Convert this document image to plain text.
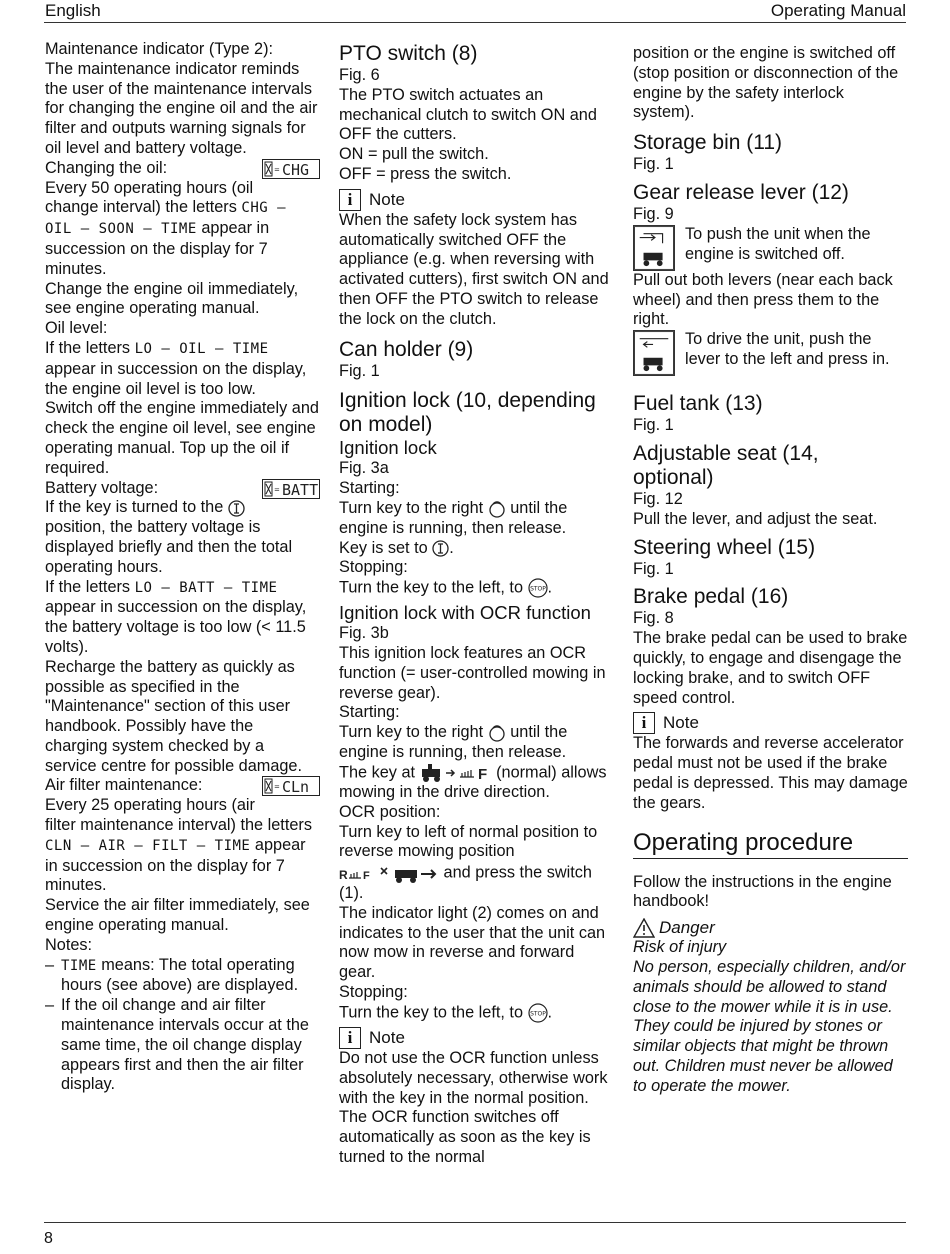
English	Operating Manual

Maintenance indicator (Type 2):

The maintenance indicator reminds the user of the maintenance intervals for changing the engine oil and the air filter and outputs warning signals for oil level and battery voltage.

= CHG

Changing the oil:

Every 50 operating hours (oil change interval) the letters CHG – OIL – SOON – TIME appear in succession on the display for 7 minutes.

Change the engine oil immediately, see engine operating manual.

Oil level:

If the letters LO – OIL – TIME appear in succession on the display, the engine oil level is too low.

Switch off the engine immediately and check the engine oil level, see engine operating manual. Top up the oil if required.

= BATT

Battery voltage:

If the key is turned to the  position, the battery voltage is displayed briefly and then the total operating hours.

If the letters LO – BATT – TIME appear in succession on the display, the battery voltage is too low (< 11.5 volts).

Recharge the battery as quickly as possible as specified in the "Maintenance" section of this user handbook. Possibly have the charging system checked by a service centre for possible damage.

= CLn

Air filter maintenance:

Every 25 operating hours (air filter maintenance interval) the letters CLN – AIR – FILT – TIME appear in succession on the display for 7 minutes.

Service the air filter immediately, see engine operating manual.

Notes:

– TIME means: The total operating hours (see above) are displayed.
– If the oil change and air filter maintenance intervals occur at the same time, the oil change display appears first and then the air filter display.

PTO switch (8)

Fig. 6

The PTO switch actuates an mechanical clutch to switch ON and OFF the cutters.

ON = pull the switch.

OFF = press the switch.

i Note

When the safety lock system has automatically switched OFF the appliance (e.g. when reversing with activated cutters), first switch ON and then OFF the PTO switch to release the lock on the clutch.

Can holder (9)

Fig. 1

Ignition lock (10, depending on model)

Ignition lock

Fig. 3a

Starting:

Turn key to the right until the engine is running, then release.

Key is set to .

Stopping:

Turn the key to the left, to STOP .

Ignition lock with OCR function

Fig. 3b

This ignition lock features an OCR function (= user-controlled mowing in reverse gear).

Starting:

Turn key to the right until the engine is running, then release.

The key at	F (normal) allows mowing in the drive direction.

OCR position:

Turn key to left of normal position to reverse mowing position

R F	and press the switch (1).

The indicator light (2) comes on and indicates to the user that the unit can now mow in reverse and forward gear.

Stopping:

Turn the key to the left, to STOP .

i Note

Do not use the OCR function unless absolutely necessary, otherwise work with the key in the normal position. The OCR function switches off automatically as soon as the key is turned to the normal

position or the engine is switched off (stop position or disconnection of the engine by the safety interlock system).

Storage bin (11)

Fig. 1

Gear release lever (12)

Fig. 9

To push the unit when the engine is switched off.

Pull out both levers (near each back wheel) and then press them to the right.

To drive the unit, push the lever to the left and press in.

Fuel tank (13)

Fig. 1

Adjustable seat (14, optional)

Fig. 12

Pull the lever, and adjust the seat.

Steering wheel (15)

Fig. 1

Brake pedal (16)

Fig. 8

The brake pedal can be used to brake quickly, to engage and disengage the locking brake, and to switch OFF speed control.

i Note

The forwards and reverse accelerator pedal must not be used if the brake pedal is depressed. This may damage the gears.

Operating procedure

Follow the instructions in the engine handbook!

Danger

Risk of injury

No person, especially children, and/or animals should be allowed to stand close to the mower while it is in use. They could be injured by stones or similar objects that might be thrown out. Children must never be allowed to operate the mower.

8
